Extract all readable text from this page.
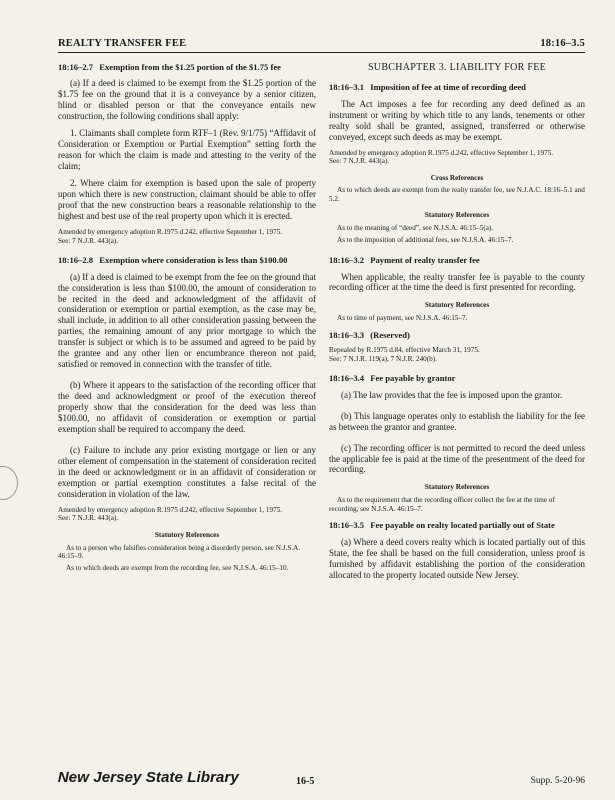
REALTY TRANSFER FEE	18:16–3.5
18:16–2.7 Exemption from the $1.25 portion of the $1.75 fee

(a) If a deed is claimed to be exempt from the $1.25 portion of the $1.75 fee on the ground that it is a conveyance by a senior citizen, blind or disabled person or that the conveyance entails new construction, the following conditions shall apply:

1. Claimants shall complete form RTF–1 (Rev. 9/1/75) “Affidavit of Consideration or Exemption or Partial Exemption” setting forth the reason for which the claim is made and attesting to the verity of the claim;

2. Where claim for exemption is based upon the sale of property upon which there is new construction, claimant should be able to offer proof that the new construction bears a reasonable relationship to the highest and best use of the real property upon which it is erected.

Amended by emergency adoption R.1975 d.242, effective September 1, 1975.
See: 7 N.J.R. 443(a).

18:16–2.8 Exemption where consideration is less than $100.00

(a) If a deed is claimed to be exempt from the fee on the ground that the consideration is less than $100.00, the amount of consideration to be recited in the deed and acknowledgment of the affidavit of consideration or exemption or partial exemption, as the case may be, shall include, in addition to all other consideration passing between the parties, the remaining amount of any prior mortgage to which the transfer is subject or which is to be assumed and agreed to be paid by the grantee and any other lien or encumbrance thereon not paid, satisfied or removed in connection with the transfer of title.

(b) Where it appears to the satisfaction of the recording officer that the deed and acknowledgment or proof of the execution thereof properly show that the consideration for the deed was less than $100.00, no affidavit of consideration or exemption or partial exemption shall be required to accompany the deed.

(c) Failure to include any prior existing mortgage or lien or any other element of compensation in the statement of consideration recited in the deed or acknowledgment or in an affidavit of consideration or exemption or partial exemption constitutes a false recital of the consideration in violation of the law.

Amended by emergency adoption R.1975 d.242, effective September 1, 1975.
See: 7 N.J.R. 443(a).

Statutory References

As to a person who falsifies consideration being a disorderly person, see N.J.S.A. 46:15–9.

As to which deeds are exempt from the recording fee, see N.J.S.A. 46:15–10.

SUBCHAPTER 3. LIABILITY FOR FEE
18:16–3.1 Imposition of fee at time of recording deed

The Act imposes a fee for recording any deed defined as an instrument or writing by which title to any lands, tenements or other realty sold shall be granted, assigned, transferred or otherwise conveyed, except such deeds as may be exempt.

Amended by emergency adoption R.1975 d.242, effective September 1, 1975.
See: 7 N.J.R. 443(a).

Cross References

As to which deeds are exempt from the realty transfer fee, see N.J.A.C. 18:16–5.1 and 5.2.

Statutory References

As to the meaning of “deed”, see N.J.S.A. 46:15–5(a).

As to the imposition of additional fees, see N.J.S.A. 46:15–7.

18:16–3.2 Payment of realty transfer fee

When applicable, the realty transfer fee is payable to the county recording officer at the time the deed is first presented for recording.

Statutory References

As to time of payment, see N.J.S.A. 46:15–7.

18:16–3.3 (Reserved)

Repealed by R.1975 d.84, effective March 31, 1975.
See: 7 N.J.R. 119(a), 7 N.J.R. 240(b).

18:16–3.4 Fee payable by grantor

(a) The law provides that the fee is imposed upon the grantor.

(b) This language operates only to establish the liability for the fee as between the grantor and grantee.

(c) The recording officer is not permitted to record the deed unless the applicable fee is paid at the time of the presentment of the deed for recording.

Statutory References

As to the requirement that the recording officer collect the fee at the time of recording, see N.J.S.A. 46:15–7.

18:16–3.5 Fee payable on realty located partially out of State

(a) Where a deed covers realty which is located partially out of this State, the fee shall be based on the full consideration, unless proof is furnished by affidavit establishing the portion of the consideration allocated to the property located outside New Jersey.

New Jersey State Library	16-5	Supp. 5-20-96
